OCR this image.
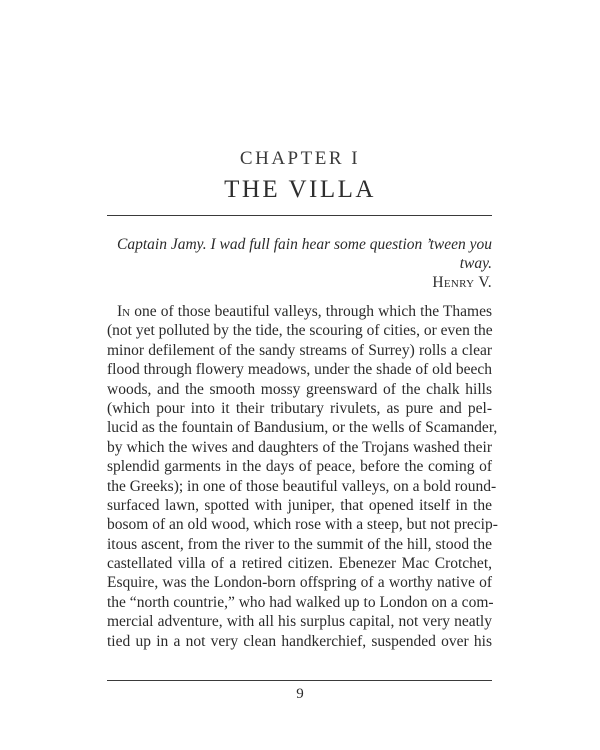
CHAPTER I
THE VILLA
Captain Jamy. I wad full fain hear some question ’tween you
tway.
Henry V.
In one of those beautiful valleys, through which the Thames
(not yet polluted by the tide, the scouring of cities, or even the
minor defilement of the sandy streams of Surrey) rolls a clear
flood through flowery meadows, under the shade of old beech
woods, and the smooth mossy greensward of the chalk hills
(which pour into it their tributary rivulets, as pure and pel-
lucid as the fountain of Bandusium, or the wells of Scamander,
by which the wives and daughters of the Trojans washed their
splendid garments in the days of peace, before the coming of
the Greeks); in one of those beautiful valleys, on a bold round-
surfaced lawn, spotted with juniper, that opened itself in the
bosom of an old wood, which rose with a steep, but not precip-
itous ascent, from the river to the summit of the hill, stood the
castellated villa of a retired citizen. Ebenezer Mac Crotchet,
Esquire, was the London-born offspring of a worthy native of
the “north countrie,” who had walked up to London on a com-
mercial adventure, with all his surplus capital, not very neatly
tied up in a not very clean handkerchief, suspended over his
9
